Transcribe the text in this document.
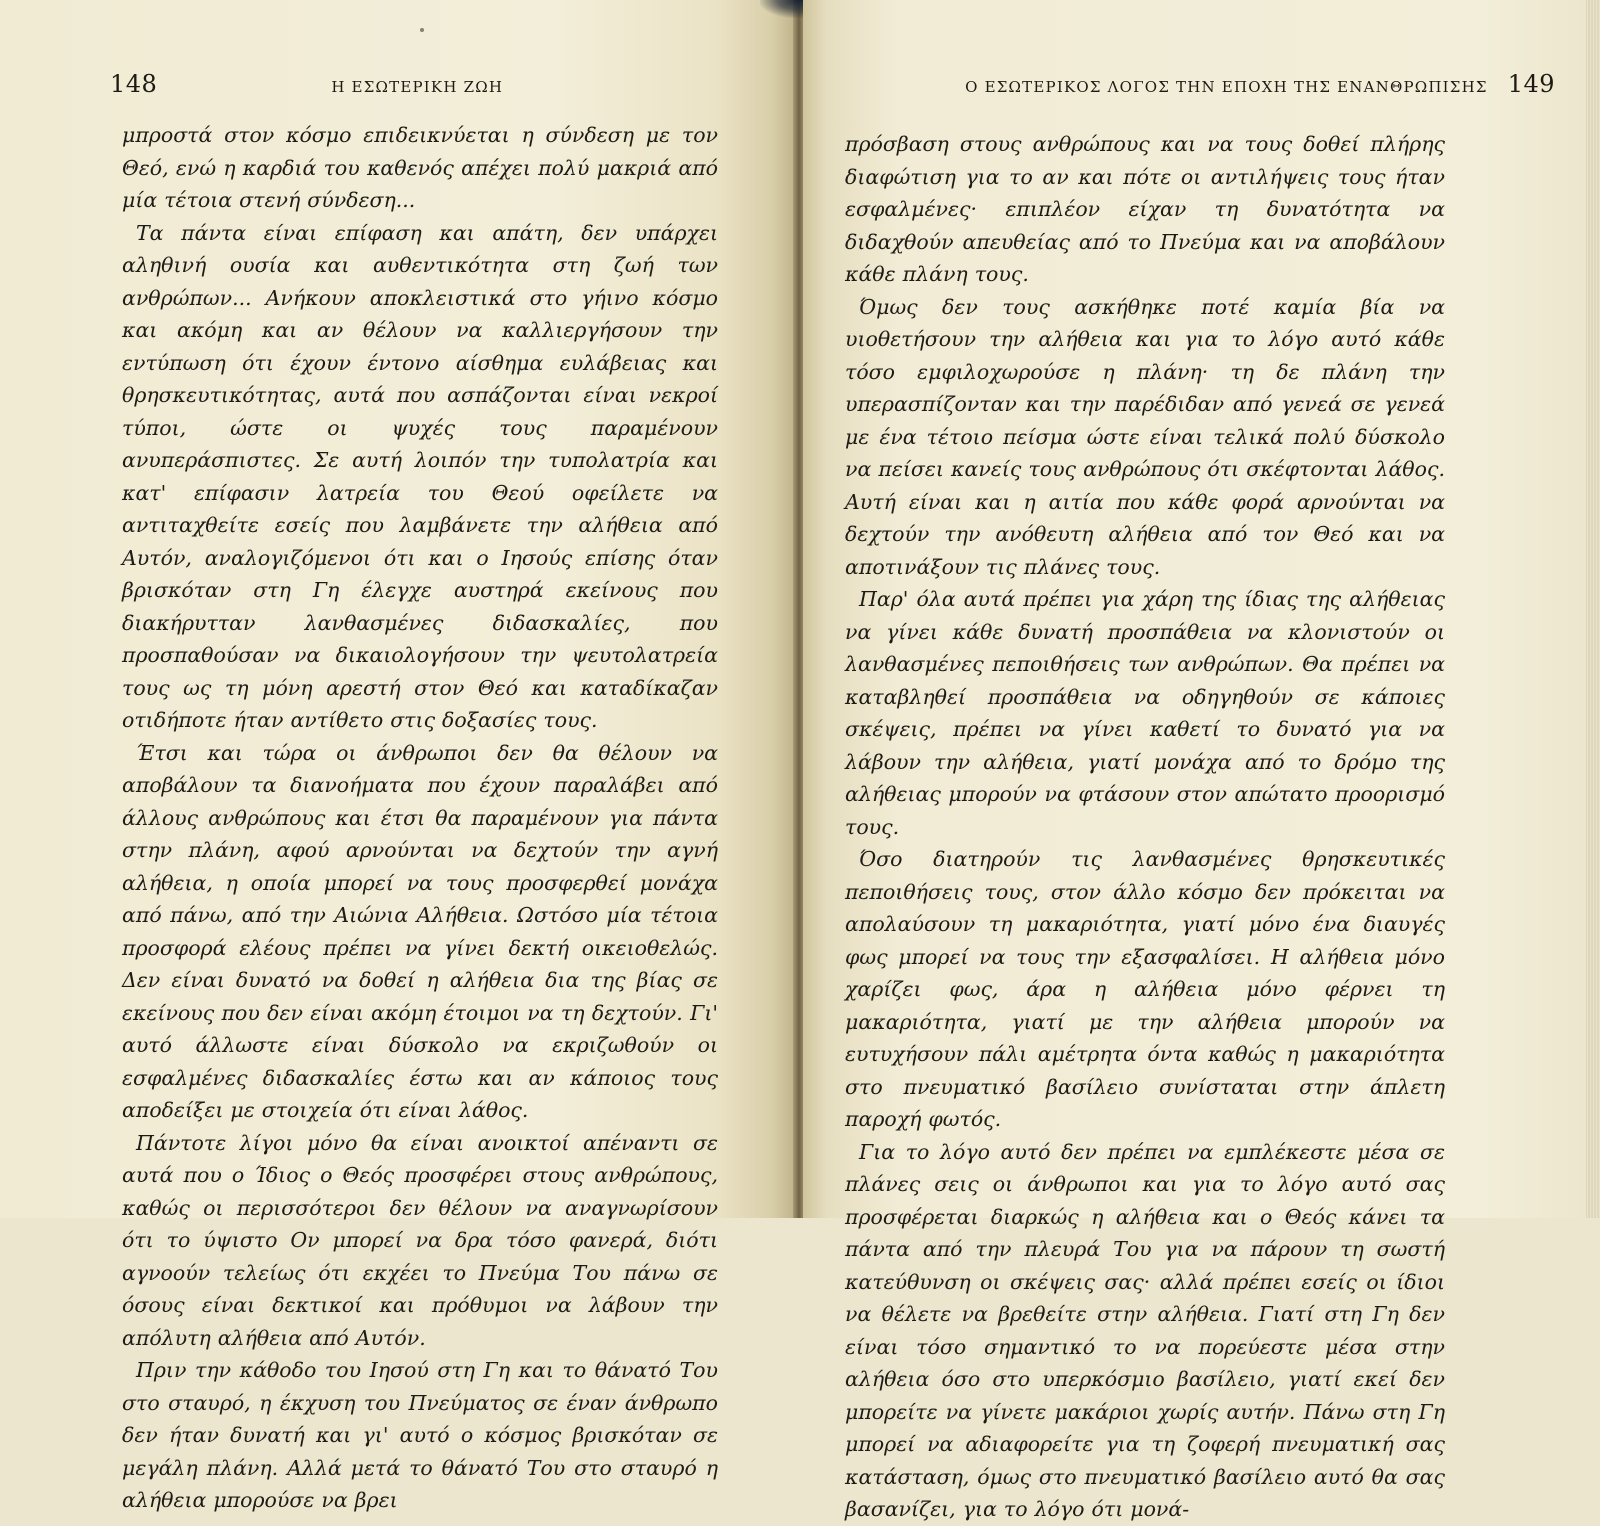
148	Η ΕΣΩΤΕΡΙΚΗ ΖΩΗ

μπροστά στον κόσμο επιδεικνύεται η σύνδεση με τον Θεό, ενώ η καρδιά του καθενός απέχει πολύ μακριά από μία τέτοια στενή σύνδεση...

Τα πάντα είναι επίφαση και απάτη, δεν υπάρχει αληθινή ουσία και αυθεντικότητα στη ζωή των ανθρώπων... Ανήκουν αποκλειστικά στο γήινο κόσμο και ακόμη και αν θέλουν να καλλιεργήσουν την εντύπωση ότι έχουν έντονο αίσθημα ευλάβειας και θρησκευτικότητας, αυτά που ασπάζονται είναι νεκροί τύποι, ώστε οι ψυχές τους παραμένουν ανυπεράσπιστες. Σε αυτή λοιπόν την τυπολατρία και κατ' επίφασιν λατρεία του Θεού οφείλετε να αντιταχθείτε εσείς που λαμβάνετε την αλήθεια από Αυτόν, αναλογιζόμενοι ότι και ο Ιησούς επίσης όταν βρισκόταν στη Γη έλεγχε αυστηρά εκείνους που διακήρυτταν λανθασμένες διδασκαλίες, που προσπαθούσαν να δικαιολογήσουν την ψευτολατρεία τους ως τη μόνη αρεστή στον Θεό και καταδίκαζαν οτιδήποτε ήταν αντίθετο στις δοξασίες τους.

Έτσι και τώρα οι άνθρωποι δεν θα θέλουν να αποβάλουν τα διανοήματα που έχουν παραλάβει από άλλους ανθρώπους και έτσι θα παραμένουν για πάντα στην πλάνη, αφού αρνούνται να δεχτούν την αγνή αλήθεια, η οποία μπορεί να τους προσφερθεί μονάχα από πάνω, από την Αιώνια Αλήθεια. Ωστόσο μία τέτοια προσφορά ελέους πρέπει να γίνει δεκτή οικειοθελώς. Δεν είναι δυνατό να δοθεί η αλήθεια δια της βίας σε εκείνους που δεν είναι ακόμη έτοιμοι να τη δεχτούν. Γι' αυτό άλλωστε είναι δύσκολο να εκριζωθούν οι εσφαλμένες διδασκαλίες έστω και αν κάποιος τους αποδείξει με στοιχεία ότι είναι λάθος.

Πάντοτε λίγοι μόνο θα είναι ανοικτοί απέναντι σε αυτά που ο Ίδιος ο Θεός προσφέρει στους ανθρώπους, καθώς οι περισσότεροι δεν θέλουν να αναγνωρίσουν ότι το ύψιστο Ον μπορεί να δρα τόσο φανερά, διότι αγνοούν τελείως ότι εκχέει το Πνεύμα Του πάνω σε όσους είναι δεκτικοί και πρόθυμοι να λάβουν την απόλυτη αλήθεια από Αυτόν.

Πριν την κάθοδο του Ιησού στη Γη και το θάνατό Του στο σταυρό, η έκχυση του Πνεύματος σε έναν άνθρωπο δεν ήταν δυνατή και γι' αυτό ο κόσμος βρισκόταν σε μεγάλη πλάνη. Αλλά μετά το θάνατό Του στο σταυρό η αλήθεια μπορούσε να βρει

Ο ΕΣΩΤΕΡΙΚΟΣ ΛΟΓΟΣ ΤΗΝ ΕΠΟΧΗ ΤΗΣ ΕΝΑΝΘΡΩΠΙΣΗΣ 149

πρόσβαση στους ανθρώπους και να τους δοθεί πλήρης διαφώτιση για το αν και πότε οι αντιλήψεις τους ήταν εσφαλμένες· επιπλέον είχαν τη δυνατότητα να διδαχθούν απευθείας από το Πνεύμα και να αποβάλουν κάθε πλάνη τους.

Όμως δεν τους ασκήθηκε ποτέ καμία βία να υιοθετήσουν την αλήθεια και για το λόγο αυτό κάθε τόσο εμφιλοχωρούσε η πλάνη· τη δε πλάνη την υπερασπίζονταν και την παρέδιδαν από γενεά σε γενεά με ένα τέτοιο πείσμα ώστε είναι τελικά πολύ δύσκολο να πείσει κανείς τους ανθρώπους ότι σκέφτονται λάθος. Αυτή είναι και η αιτία που κάθε φορά αρνούνται να δεχτούν την ανόθευτη αλήθεια από τον Θεό και να αποτινάξουν τις πλάνες τους.

Παρ' όλα αυτά πρέπει για χάρη της ίδιας της αλήθειας να γίνει κάθε δυνατή προσπάθεια να κλονιστούν οι λανθασμένες πεποιθήσεις των ανθρώπων. Θα πρέπει να καταβληθεί προσπάθεια να οδηγηθούν σε κάποιες σκέψεις, πρέπει να γίνει καθετί το δυνατό για να λάβουν την αλήθεια, γιατί μονάχα από το δρόμο της αλήθειας μπορούν να φτάσουν στον απώτατο προορισμό τους.

Όσο διατηρούν τις λανθασμένες θρησκευτικές πεποιθήσεις τους, στον άλλο κόσμο δεν πρόκειται να απολαύσουν τη μακαριότητα, γιατί μόνο ένα διαυγές φως μπορεί να τους την εξασφαλίσει. Η αλήθεια μόνο χαρίζει φως, άρα η αλήθεια μόνο φέρνει τη μακαριότητα, γιατί με την αλήθεια μπορούν να ευτυχήσουν πάλι αμέτρητα όντα καθώς η μακαριότητα στο πνευματικό βασίλειο συνίσταται στην άπλετη παροχή φωτός.

Για το λόγο αυτό δεν πρέπει να εμπλέκεστε μέσα σε πλάνες σεις οι άνθρωποι και για το λόγο αυτό σας προσφέρεται διαρκώς η αλήθεια και ο Θεός κάνει τα πάντα από την πλευρά Του για να πάρουν τη σωστή κατεύθυνση οι σκέψεις σας· αλλά πρέπει εσείς οι ίδιοι να θέλετε να βρεθείτε στην αλήθεια. Γιατί στη Γη δεν είναι τόσο σημαντικό το να πορεύεστε μέσα στην αλήθεια όσο στο υπερκόσμιο βασίλειο, γιατί εκεί δεν μπορείτε να γίνετε μακάριοι χωρίς αυτήν. Πάνω στη Γη μπορεί να αδιαφορείτε για τη ζοφερή πνευματική σας κατάσταση, όμως στο πνευματικό βασίλειο αυτό θα σας βασανίζει, για το λόγο ότι μονά-
